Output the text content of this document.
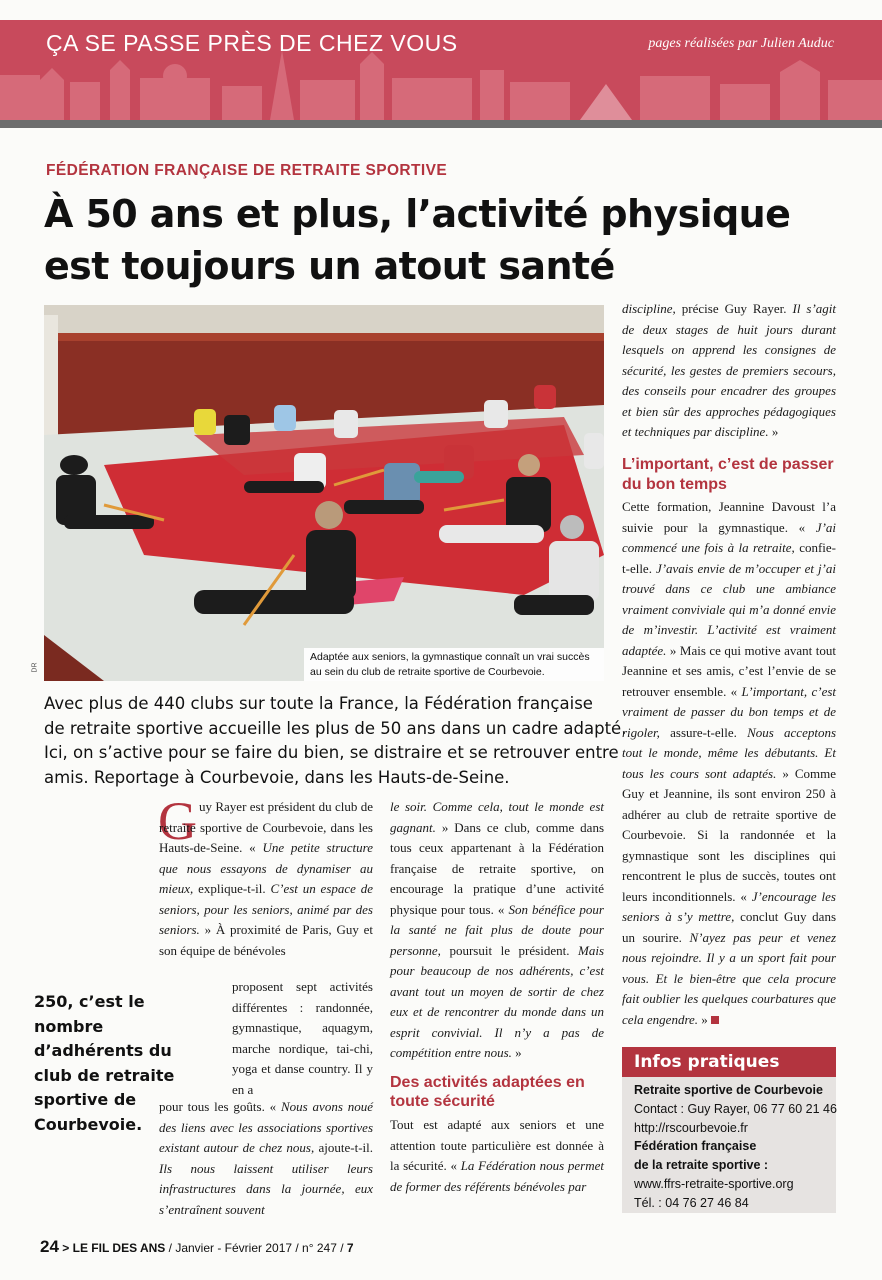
ÇA SE PASSE PRÈS DE CHEZ VOUS	pages réalisées par Julien Auduc
FÉDÉRATION FRANÇAISE DE RETRAITE SPORTIVE
À 50 ans et plus, l’activité physique
est toujours un atout santé
Adaptée aux seniors, la gymnastique connaît un vrai succès au sein du club de retraite sportive de Courbevoie.
DR
Avec plus de 440 clubs sur toute la France, la Fédération française
de retraite sportive accueille les plus de 50 ans dans un cadre adapté.
Ici, on s’active pour se faire du bien, se distraire et se retrouver entre
amis. Reportage à Courbevoie, dans les Hauts-de-Seine.
G uy Rayer est président du club de retraite sportive de Courbevoie, dans les Hauts-de-Seine. « Une petite structure que nous essayons de dynamiser au mieux, explique-t-il. C’est un espace de seniors, pour les seniors, animé par des seniors. » À proximité de Paris, Guy et son équipe de bénévoles

250, c’est le nombre d’adhérents du club de retraite sportive de Courbevoie.

proposent sept activités différentes : randonnée, gymnastique, aquagym, marche nordique, tai-chi, yoga et danse country. Il y en a

pour tous les goûts. « Nous avons noué des liens avec les associations sportives existant autour de chez nous, ajoute-t-il. Ils nous laissent utiliser leurs infrastructures dans la journée, eux s’entraînent souvent

le soir. Comme cela, tout le monde est gagnant. » Dans ce club, comme dans tous ceux appartenant à la Fédération française de retraite sportive, on encourage la pratique d’une activité physique pour tous. « Son bénéfice pour la santé ne fait plus de doute pour personne, poursuit le président. Mais pour beaucoup de nos adhérents, c’est avant tout un moyen de sortir de chez eux et de rencontrer du monde dans un esprit convivial. Il n’y a pas de compétition entre nous. »

Des activités adaptées en toute sécurité

Tout est adapté aux seniors et une attention toute particulière est donnée à la sécurité. « La Fédération nous permet de former des référents bénévoles par

discipline, précise Guy Rayer. Il s’agit de deux stages de huit jours durant lesquels on apprend les consignes de sécurité, les gestes de premiers secours, des conseils pour encadrer des groupes et bien sûr des approches pédagogiques et techniques par discipline. »

L’important, c’est de passer du bon temps

Cette formation, Jeannine Davoust l’a suivie pour la gymnastique. « J’ai commencé une fois à la retraite, confie-t-elle. J’avais envie de m’occuper et j’ai trouvé dans ce club une ambiance vraiment conviviale qui m’a donné envie de m’investir. L’activité est vraiment adaptée. » Mais ce qui motive avant tout Jeannine et ses amis, c’est l’envie de se retrouver ensemble. « L’important, c’est vraiment de passer du bon temps et de rigoler, assure-t-elle. Nous acceptons tout le monde, même les débutants. Et tous les cours sont adaptés. » Comme Guy et Jeannine, ils sont environ 250 à adhérer au club de retraite sportive de Courbevoie. Si la randonnée et la gymnastique sont les disciplines qui rencontrent le plus de succès, toutes ont leurs inconditionnels. « J’encourage les seniors à s’y mettre, conclut Guy dans un sourire. N’ayez pas peur et venez nous rejoindre. Il y a un sport fait pour vous. Et le bien-être que cela procure fait oublier les quelques courbatures que cela engendre. »

Infos pratiques
Retraite sportive de Courbevoie
Contact : Guy Rayer, 06 77 60 21 46
http://rscourbevoie.fr
Fédération française
de la retraite sportive :
www.ffrs-retraite-sportive.org
Tél. : 04 76 27 46 84
24 > LE FIL DES ANS / Janvier - Février 2017 / n° 247 / 7
